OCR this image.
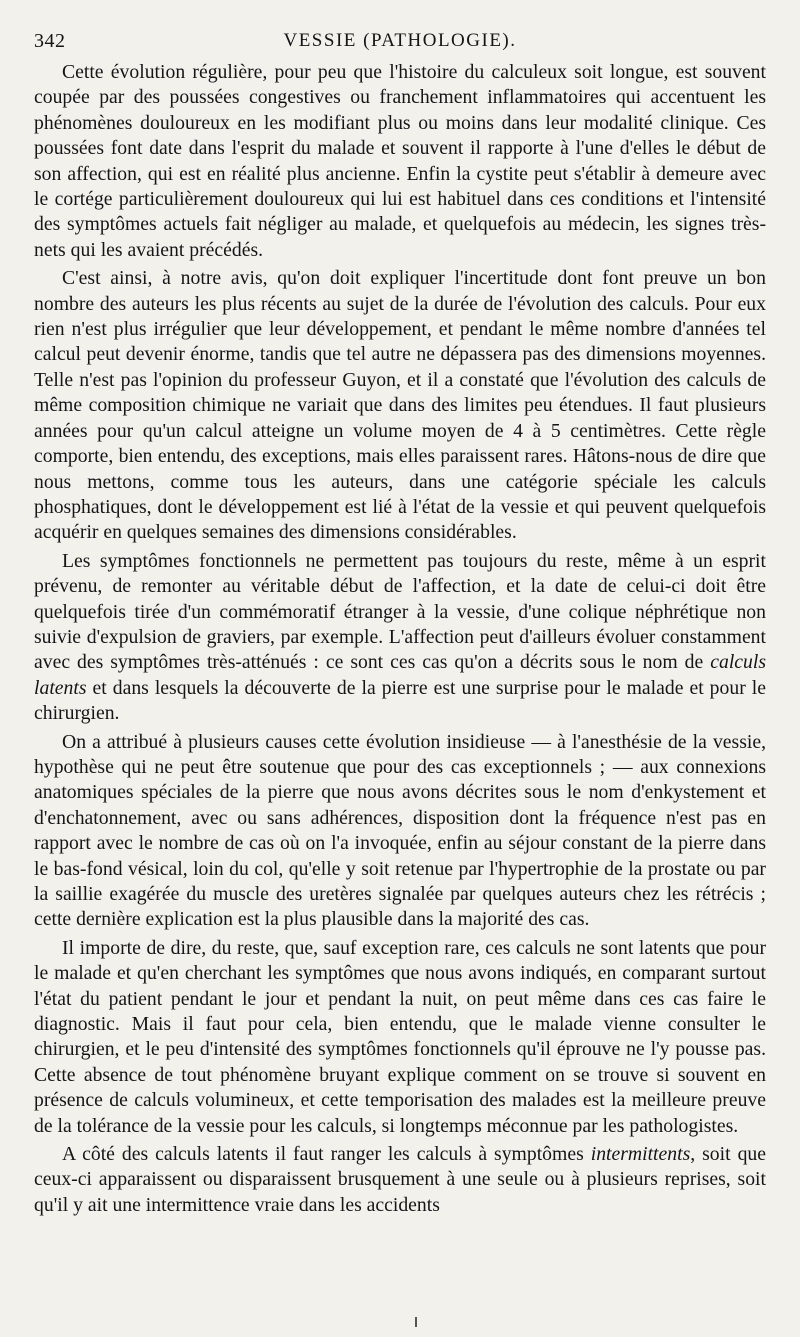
342	VESSIE (PATHOLOGIE).

Cette évolution régulière, pour peu que l'histoire du calculeux soit longue, est souvent coupée par des poussées congestives ou franchement inflammatoires qui accentuent les phénomènes douloureux en les modifiant plus ou moins dans leur modalité clinique. Ces poussées font date dans l'esprit du malade et souvent il rapporte à l'une d'elles le début de son affection, qui est en réalité plus ancienne. Enfin la cystite peut s'établir à demeure avec le cortége particulièrement douloureux qui lui est habituel dans ces conditions et l'intensité des symptômes actuels fait négliger au malade, et quelquefois au médecin, les signes très-nets qui les avaient précédés.

C'est ainsi, à notre avis, qu'on doit expliquer l'incertitude dont font preuve un bon nombre des auteurs les plus récents au sujet de la durée de l'évolution des calculs. Pour eux rien n'est plus irrégulier que leur développement, et pendant le même nombre d'années tel calcul peut devenir énorme, tandis que tel autre ne dépassera pas des dimensions moyennes. Telle n'est pas l'opinion du professeur Guyon, et il a constaté que l'évolution des calculs de même composition chimique ne variait que dans des limites peu étendues. Il faut plusieurs années pour qu'un calcul atteigne un volume moyen de 4 à 5 centimètres. Cette règle comporte, bien entendu, des exceptions, mais elles paraissent rares. Hâtons-nous de dire que nous mettons, comme tous les auteurs, dans une catégorie spéciale les calculs phosphatiques, dont le développement est lié à l'état de la vessie et qui peuvent quelquefois acquérir en quelques semaines des dimensions considérables.

Les symptômes fonctionnels ne permettent pas toujours du reste, même à un esprit prévenu, de remonter au véritable début de l'affection, et la date de celui-ci doit être quelquefois tirée d'un commémoratif étranger à la vessie, d'une colique néphrétique non suivie d'expulsion de graviers, par exemple. L'affection peut d'ailleurs évoluer constamment avec des symptômes très-atténués : ce sont ces cas qu'on a décrits sous le nom de calculs latents et dans lesquels la découverte de la pierre est une surprise pour le malade et pour le chirurgien.

On a attribué à plusieurs causes cette évolution insidieuse — à l'anesthésie de la vessie, hypothèse qui ne peut être soutenue que pour des cas exceptionnels ; — aux connexions anatomiques spéciales de la pierre que nous avons décrites sous le nom d'enkystement et d'enchatonnement, avec ou sans adhérences, disposition dont la fréquence n'est pas en rapport avec le nombre de cas où on l'a invoquée, enfin au séjour constant de la pierre dans le bas-fond vésical, loin du col, qu'elle y soit retenue par l'hypertrophie de la prostate ou par la saillie exagérée du muscle des uretères signalée par quelques auteurs chez les rétrécis ; cette dernière explication est la plus plausible dans la majorité des cas.

Il importe de dire, du reste, que, sauf exception rare, ces calculs ne sont latents que pour le malade et qu'en cherchant les symptômes que nous avons indiqués, en comparant surtout l'état du patient pendant le jour et pendant la nuit, on peut même dans ces cas faire le diagnostic. Mais il faut pour cela, bien entendu, que le malade vienne consulter le chirurgien, et le peu d'intensité des symptômes fonctionnels qu'il éprouve ne l'y pousse pas. Cette absence de tout phénomène bruyant explique comment on se trouve si souvent en présence de calculs volumineux, et cette temporisation des malades est la meilleure preuve de la tolérance de la vessie pour les calculs, si longtemps méconnue par les pathologistes.

A côté des calculs latents il faut ranger les calculs à symptômes intermittents, soit que ceux-ci apparaissent ou disparaissent brusquement à une seule ou à plusieurs reprises, soit qu'il y ait une intermittence vraie dans les accidents
